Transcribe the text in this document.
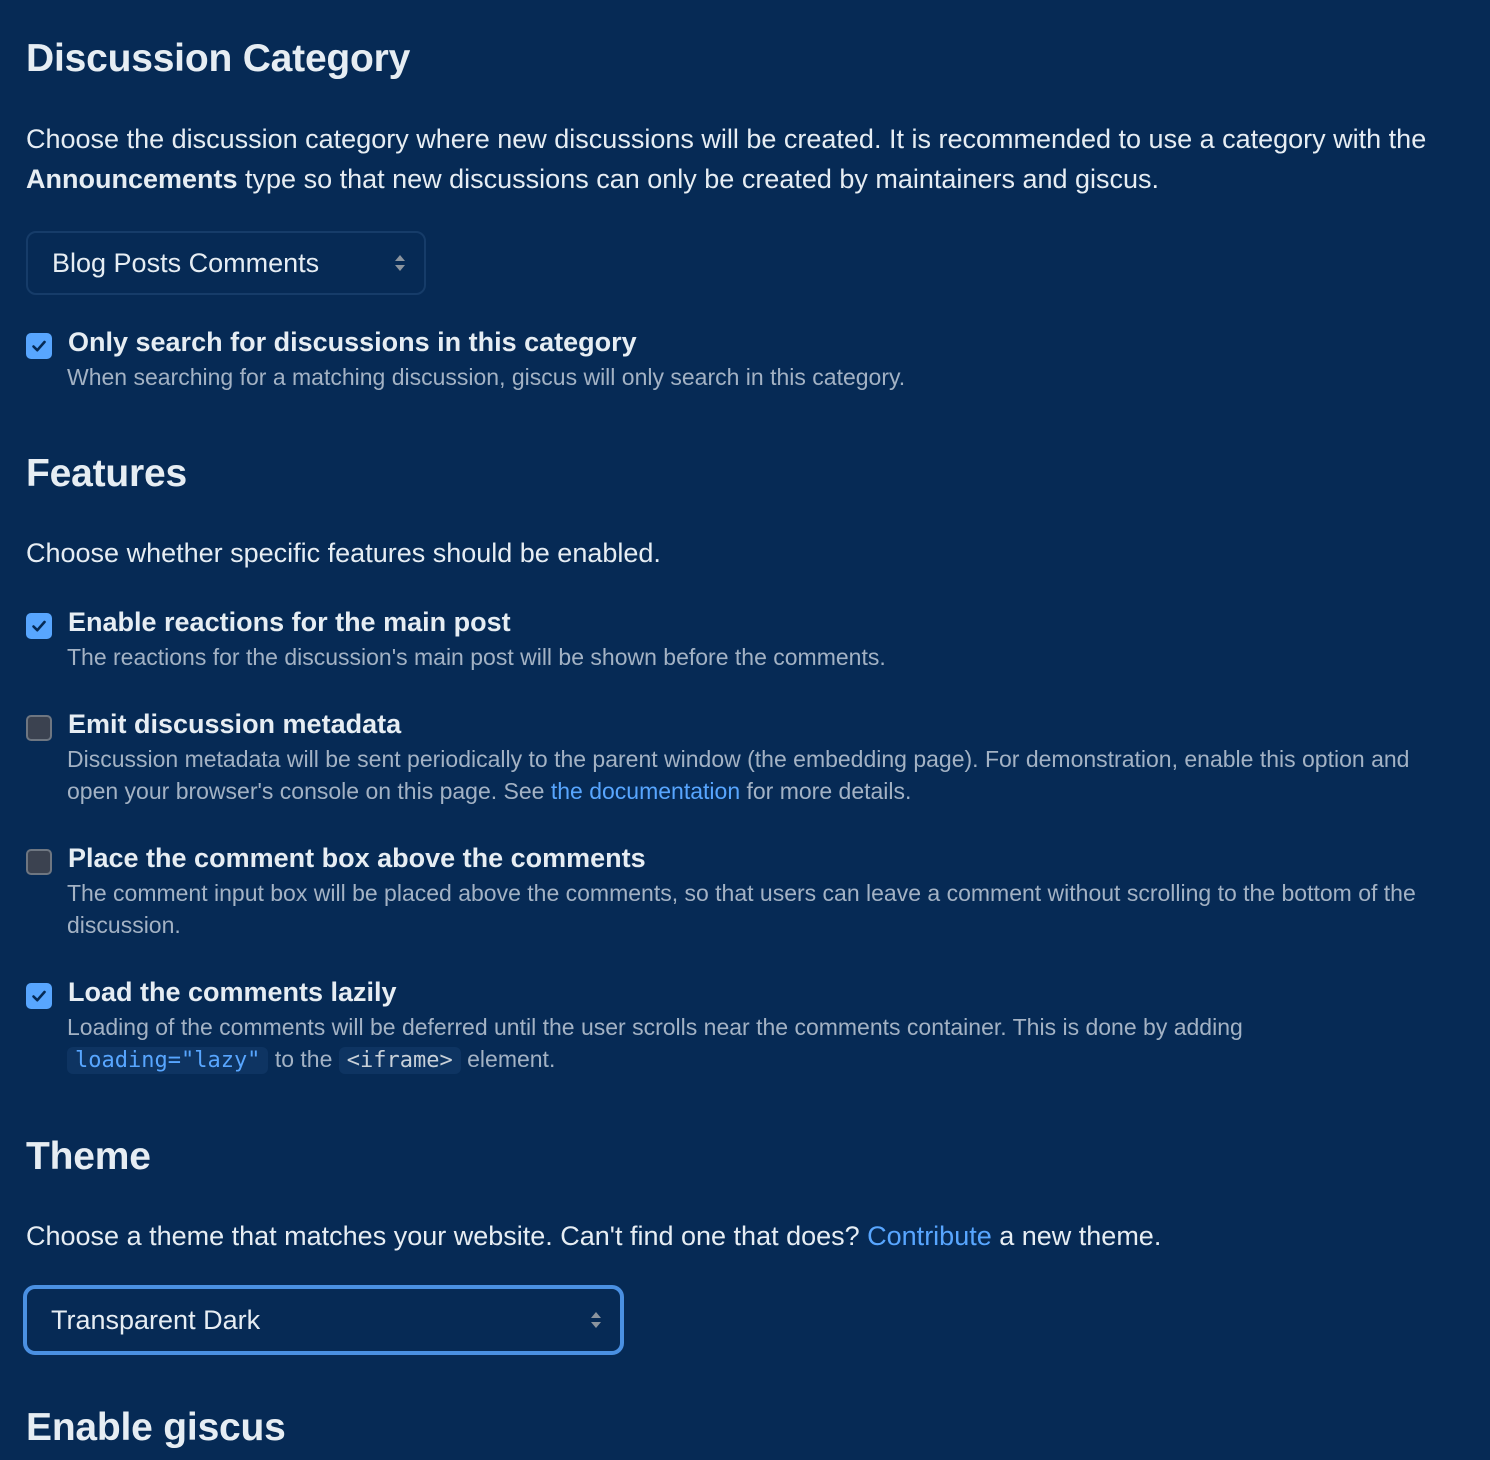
Discussion Category

Choose the discussion category where new discussions will be created. It is recommended to use a category with the Announcements type so that new discussions can only be created by maintainers and giscus.

Blog Posts Comments
Only search for discussions in this category
When searching for a matching discussion, giscus will only search in this category.
Features

Choose whether specific features should be enabled.

Enable reactions for the main post
The reactions for the discussion's main post will be shown before the comments.
Emit discussion metadata
Discussion metadata will be sent periodically to the parent window (the embedding page). For demonstration, enable this option and open your browser's console on this page. See the documentation for more details.
Place the comment box above the comments
The comment input box will be placed above the comments, so that users can leave a comment without scrolling to the bottom of the discussion.
Load the comments lazily
Loading of the comments will be deferred until the user scrolls near the comments container. This is done by adding loading="lazy" to the <iframe> element.
Theme

Choose a theme that matches your website. Can't find one that does? Contribute a new theme.

Transparent Dark
Enable giscus
